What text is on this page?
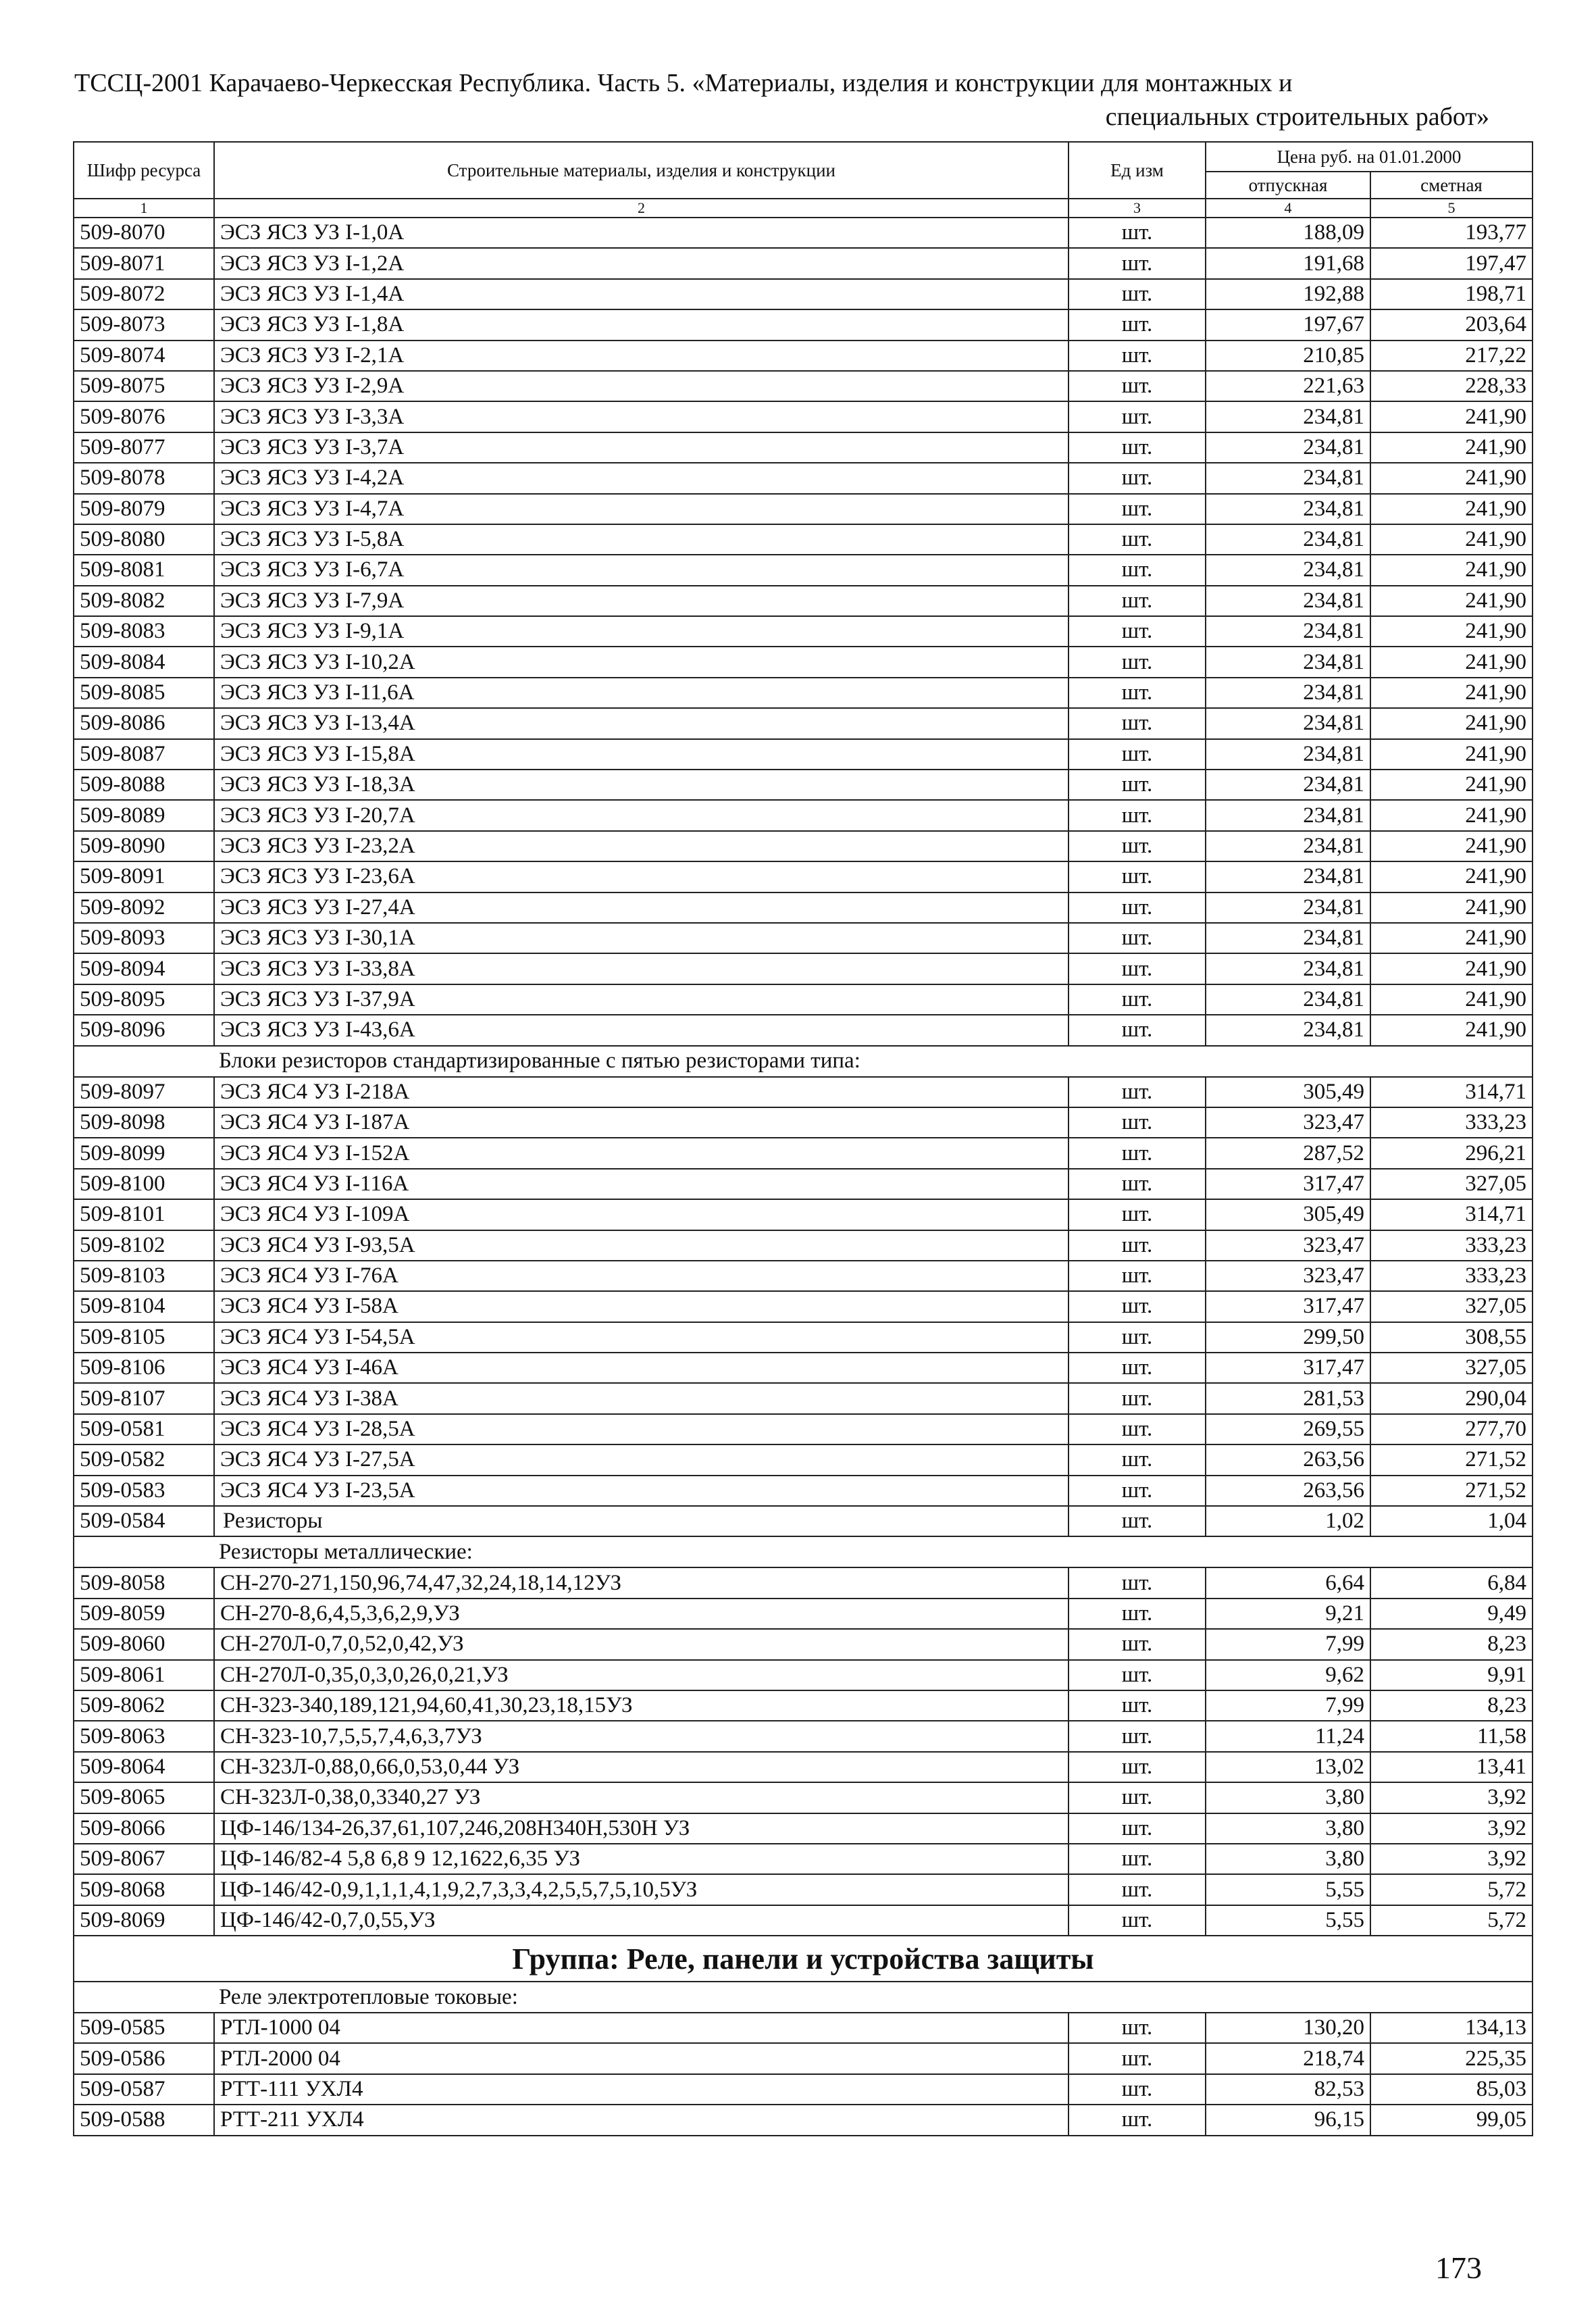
ТССЦ-2001 Карачаево-Черкесская Республика. Часть 5. «Материалы, изделия и конструкции для монтажных и
специальных строительных работ»
Шифр ресурса	Строительные материалы, изделия и конструкции	Ед изм	Цена руб. на 01.01.2000	
			отпускная	сметная
1	2	3	4	5
509-8070	ЭСЗ ЯСЗ УЗ I-1,0А	шт.	188,09	193,77
509-8071	ЭСЗ ЯСЗ УЗ I-1,2А	шт.	191,68	197,47
509-8072	ЭСЗ ЯСЗ УЗ I-1,4А	шт.	192,88	198,71
509-8073	ЭСЗ ЯСЗ УЗ I-1,8А	шт.	197,67	203,64
509-8074	ЭСЗ ЯСЗ УЗ I-2,1А	шт.	210,85	217,22
509-8075	ЭСЗ ЯСЗ УЗ I-2,9А	шт.	221,63	228,33
509-8076	ЭСЗ ЯСЗ УЗ I-3,3А	шт.	234,81	241,90
509-8077	ЭСЗ ЯСЗ УЗ I-3,7А	шт.	234,81	241,90
509-8078	ЭСЗ ЯСЗ УЗ I-4,2А	шт.	234,81	241,90
509-8079	ЭСЗ ЯСЗ УЗ I-4,7А	шт.	234,81	241,90
509-8080	ЭСЗ ЯСЗ УЗ I-5,8А	шт.	234,81	241,90
509-8081	ЭСЗ ЯСЗ УЗ I-6,7А	шт.	234,81	241,90
509-8082	ЭСЗ ЯСЗ УЗ I-7,9А	шт.	234,81	241,90
509-8083	ЭСЗ ЯСЗ УЗ I-9,1А	шт.	234,81	241,90
509-8084	ЭСЗ ЯСЗ УЗ I-10,2А	шт.	234,81	241,90
509-8085	ЭСЗ ЯСЗ УЗ I-11,6А	шт.	234,81	241,90
509-8086	ЭСЗ ЯСЗ УЗ I-13,4А	шт.	234,81	241,90
509-8087	ЭСЗ ЯСЗ УЗ I-15,8А	шт.	234,81	241,90
509-8088	ЭСЗ ЯСЗ УЗ I-18,3А	шт.	234,81	241,90
509-8089	ЭСЗ ЯСЗ УЗ I-20,7А	шт.	234,81	241,90
509-8090	ЭСЗ ЯСЗ УЗ I-23,2А	шт.	234,81	241,90
509-8091	ЭСЗ ЯСЗ УЗ I-23,6А	шт.	234,81	241,90
509-8092	ЭСЗ ЯСЗ УЗ I-27,4А	шт.	234,81	241,90
509-8093	ЭСЗ ЯСЗ УЗ I-30,1А	шт.	234,81	241,90
509-8094	ЭСЗ ЯСЗ УЗ I-33,8А	шт.	234,81	241,90
509-8095	ЭСЗ ЯСЗ УЗ I-37,9А	шт.	234,81	241,90
509-8096	ЭСЗ ЯСЗ УЗ I-43,6А	шт.	234,81	241,90
Блоки резисторов стандартизированные с пятью резисторами типа:				
509-8097	ЭСЗ ЯС4 УЗ I-218А	шт.	305,49	314,71
509-8098	ЭСЗ ЯС4 УЗ I-187А	шт.	323,47	333,23
509-8099	ЭСЗ ЯС4 УЗ I-152А	шт.	287,52	296,21
509-8100	ЭСЗ ЯС4 УЗ I-116А	шт.	317,47	327,05
509-8101	ЭСЗ ЯС4 УЗ I-109А	шт.	305,49	314,71
509-8102	ЭСЗ ЯС4 УЗ I-93,5А	шт.	323,47	333,23
509-8103	ЭСЗ ЯС4 УЗ I-76А	шт.	323,47	333,23
509-8104	ЭСЗ ЯС4 УЗ I-58А	шт.	317,47	327,05
509-8105	ЭСЗ ЯС4 УЗ I-54,5А	шт.	299,50	308,55
509-8106	ЭСЗ ЯС4 УЗ I-46А	шт.	317,47	327,05
509-8107	ЭСЗ ЯС4 УЗ I-38А	шт.	281,53	290,04
509-0581	ЭСЗ ЯС4 УЗ I-28,5А	шт.	269,55	277,70
509-0582	ЭСЗ ЯС4 УЗ I-27,5А	шт.	263,56	271,52
509-0583	ЭСЗ ЯС4 УЗ I-23,5А	шт.	263,56	271,52
509-0584	Резисторы	шт.	1,02	1,04
Резисторы металлические:				
509-8058	СН-270-271,150,96,74,47,32,24,18,14,12УЗ	шт.	6,64	6,84
509-8059	СН-270-8,6,4,5,3,6,2,9,УЗ	шт.	9,21	9,49
509-8060	СН-270Л-0,7,0,52,0,42,УЗ	шт.	7,99	8,23
509-8061	СН-270Л-0,35,0,3,0,26,0,21,УЗ	шт.	9,62	9,91
509-8062	СН-323-340,189,121,94,60,41,30,23,18,15УЗ	шт.	7,99	8,23
509-8063	СН-323-10,7,5,5,7,4,6,3,7УЗ	шт.	11,24	11,58
509-8064	СН-323Л-0,88,0,66,0,53,0,44 УЗ	шт.	13,02	13,41
509-8065	СН-323Л-0,38,0,3340,27 УЗ	шт.	3,80	3,92
509-8066	ЦФ-146/134-26,37,61,107,246,208Н340Н,530Н УЗ	шт.	3,80	3,92
509-8067	ЦФ-146/82-4 5,8 6,8 9 12,1622,6,35 УЗ	шт.	3,80	3,92
509-8068	ЦФ-146/42-0,9,1,1,1,4,1,9,2,7,3,3,4,2,5,5,7,5,10,5УЗ	шт.	5,55	5,72
509-8069	ЦФ-146/42-0,7,0,55,УЗ	шт.	5,55	5,72
Группа: Реле, панели и устройства защиты				
Реле электротепловые токовые:				
509-0585	РТЛ-1000 04	шт.	130,20	134,13
509-0586	РТЛ-2000 04	шт.	218,74	225,35
509-0587	РТТ-111 УХЛ4	шт.	82,53	85,03
509-0588	РТТ-211 УХЛ4	шт.	96,15	99,05
173
